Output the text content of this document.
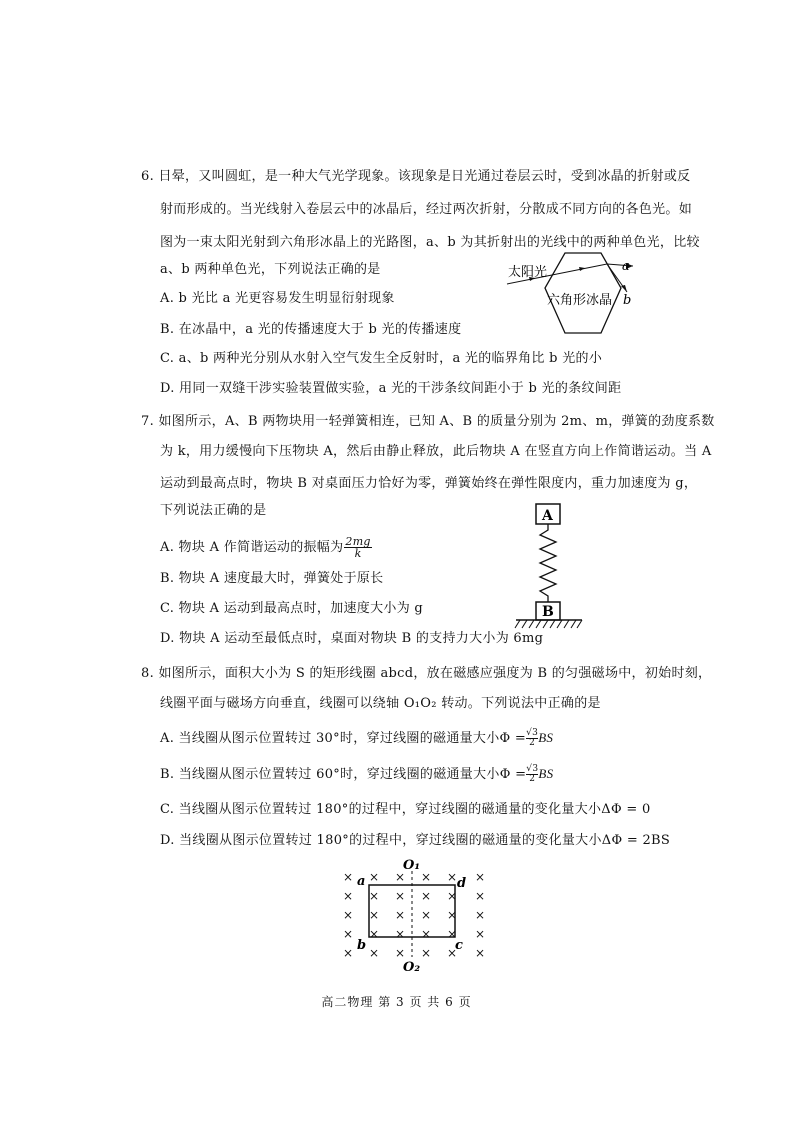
6. 日晕，又叫圆虹，是一种大气光学现象。该现象是日光通过卷层云时，受到冰晶的折射或反
射而形成的。当光线射入卷层云中的冰晶后，经过两次折射，分散成不同方向的各色光。如
图为一束太阳光射到六角形冰晶上的光路图，a、b 为其折射出的光线中的两种单色光，比较
a、b 两种单色光，下列说法正确的是
A. b 光比 a 光更容易发生明显衍射现象
B. 在冰晶中，a 光的传播速度大于 b 光的传播速度
C. a、b 两种光分别从水射入空气发生全反射时，a 光的临界角比 b 光的小
D. 用同一双缝干涉实验装置做实验，a 光的干涉条纹间距小于 b 光的条纹间距
太阳光
六角形冰晶
a
b
7. 如图所示，A、B 两物块用一轻弹簧相连，已知 A、B 的质量分别为 2m、m，弹簧的劲度系数
为 k，用力缓慢向下压物块 A，然后由静止释放，此后物块 A 在竖直方向上作简谐运动。当 A
运动到最高点时，物块 B 对桌面压力恰好为零，弹簧始终在弹性限度内，重力加速度为 g，
下列说法正确的是
A. 物块 A 作简谐运动的振幅为 $\frac{2mg}{k}$
B. 物块 A 速度最大时，弹簧处于原长
C. 物块 A 运动到最高点时，加速度大小为 g
D. 物块 A 运动至最低点时，桌面对物块 B 的支持力大小为 6mg
A
B
8. 如图所示，面积大小为 S 的矩形线圈 abcd，放在磁感应强度为 B 的匀强磁场中，初始时刻，
线圈平面与磁场方向垂直，线圈可以绕轴 O₁O₂ 转动。下列说法中正确的是
A. 当线圈从图示位置转过 30°时，穿过线圈的磁通量大小$\Phi = \frac{√3}{2}$ BS
B. 当线圈从图示位置转过 60°时，穿过线圈的磁通量大小$\Phi = \frac{√3}{2}$ BS
C. 当线圈从图示位置转过 180°的过程中，穿过线圈的磁通量的变化量大小ΔΦ = 0
D. 当线圈从图示位置转过 180°的过程中，穿过线圈的磁通量的变化量大小ΔΦ = 2BS
×
×
×
×
×
×
×
×
×
×
×
×
×
×
×
×
×
×
×
×
×
×
×
×
×
×
×
×
×
×
O₁
O₂
a	d
b	c
高二物理 第 3 页 共 6 页
